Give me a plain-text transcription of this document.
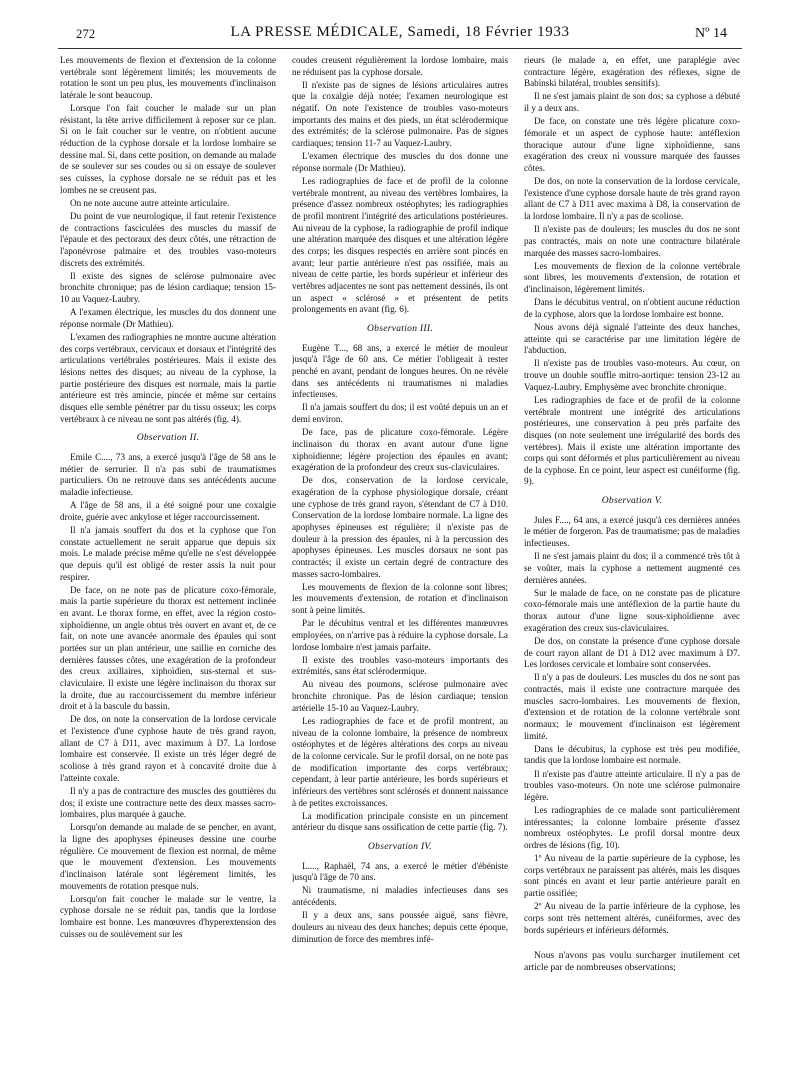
272	LA PRESSE MÉDICALE, Samedi, 18 Février 1933	Nº 14

Les mouvements de flexion et d'extension de la colonne vertébrale sont légèrement limités; les mouvements de rotation le sont un peu plus, les mouvements d'inclinaison latérale le sont beaucoup.

Lorsque l'on fait coucher le malade sur un plan résistant, la tête arrive difficilement à reposer sur ce plan. Si on le fait coucher sur le ventre, on n'obtient aucune réduction de la cyphose dorsale et la lordose lombaire se dessine mal. Si, dans cette position, on demande au malade de se soulever sur ses coudes ou si on essaye de soulever ses cuisses, la cyphose dorsale ne se réduit pas et les lombes ne se creusent pas.

On ne note aucune autre atteinte articulaire.

Du point de vue neurologique, il faut retenir l'existence de contractions fasciculées des muscles du massif de l'épaule et des pectoraux des deux côtés, une rétraction de l'aponévrose palmaire et des troubles vaso-moteurs discrets des extrémités.

Il existe des signes de sclérose pulmonaire avec bronchite chronique; pas de lésion cardiaque; tension 15-10 au Vaquez-Laubry.

A l'examen électrique, les muscles du dos donnent une réponse normale (Dr Mathieu).

L'examen des radiographies ne montre aucune altération des corps vertébraux, cervicaux et dorsaux et l'intégrité des articulations vertébrales postérieures. Mais il existe des lésions nettes des disques; au niveau de la cyphose, la partie postérieure des disques est normale, mais la partie antérieure est très amincie, pincée et même sur certains disques elle semble pénétrer par du tissu osseux; les corps vertébraux à ce niveau ne sont pas altérés (fig. 4).

Observation II.

Emile C...., 73 ans, a exercé jusqu'à l'âge de 58 ans le métier de serrurier. Il n'a pas subi de traumatismes particuliers. On ne retrouve dans ses antécédents aucune maladie infectieuse.

A l'âge de 58 ans, il a été soigné pour une coxalgie droite, guérie avec ankylose et léger raccourcissement.

Il n'a jamais souffert du dos et la cyphose que l'on constate actuellement ne serait apparue que depuis six mois. Le malade précise même qu'elle ne s'est développée que depuis qu'il est obligé de rester assis la nuit pour respirer.

De face, on ne note pas de plicature coxo-fémorale, mais la partie supérieure du thorax est nettement inclinée en avant. Le thorax forme, en effet, avec la région costo-xiphoïdienne, un angle obtus très ouvert en avant et, de ce fait, on note une avancée anormale des épaules qui sont portées sur un plan antérieur, une saillie en corniche des dernières fausses côtes, une exagération de la profondeur des creux axillaires, xiphoïdien, sus-sternal et sus-claviculaire. Il existe une légère inclinaison du thorax sur la droite, due au raccourcissement du membre inférieur droit et à la bascule du bassin.

De dos, on note la conservation de la lordose cervicale et l'existence d'une cyphose haute de très grand rayon, allant de C7 à D11, avec maximum à D7. La lordose lombaire est conservée. Il existe un très léger degré de scoliose à très grand rayon et à concavité droite due à l'atteinte coxale.

Il n'y a pas de contracture des muscles des gouttières du dos; il existe une contracture nette des deux masses sacro-lombaires, plus marquée à gauche.

Lorsqu'on demande au malade de se pencher, en avant, la ligne des apophyses épineuses dessine une courbe régulière. Ce mouvement de flexion est normal, de même que le mouvement d'extension. Les mouvements d'inclinaison latérale sont légèrement limités, les mouvements de rotation presque nuls.

Lorsqu'on fait coucher le malade sur le ventre, la cyphose dorsale ne se réduit pas, tandis que la lordose lombaire est bonne. Les manœuvres d'hyperextension des cuisses ou de soulèvement sur les

coudes creusent régulièrement la lordose lombaire, mais ne réduisent pas la cyphose dorsale.

Il n'existe pas de signes de lésions articulaires autres que la coxalgie déjà notée; l'examen neurologique est négatif. On note l'existence de troubles vaso-moteurs importants des mains et des pieds, un état sclérodermique des extrémités; de la sclérose pulmonaire. Pas de signes cardiaques; tension 11-7 au Vaquez-Laubry.

L'examen électrique des muscles du dos donne une réponse normale (Dr Mathieu).

Les radiographies de face et de profil de la colonne vertébrale montrent, au niveau des vertèbres lombaires, la présence d'assez nombreux ostéophytes; les radiographies de profil montrent l'intégrité des articulations postérieures. Au niveau de la cyphose, la radiographie de profil indique une altération marquée des disques et une altération légère des corps; les disques respectés en arrière sont pincés en avant; leur partie antérieure n'est pas ossifiée, mais au niveau de cette partie, les bords supérieur et inférieur des vertèbres adjacentes ne sont pas nettement dessinés, ils ont un aspect « sclérosé » et présentent de petits prolongements en avant (fig. 6).

Observation III.

Eugène T..., 68 ans, a exercé le métier de mouleur jusqu'à l'âge de 60 ans. Ce métier l'obligeait à rester penché en avant, pendant de longues heures. On ne révèle dans ses antécédents ni traumatismes ni maladies infectieuses.

Il n'a jamais souffert du dos; il est voûté depuis un an et demi environ.

De face, pas de plicature coxo-fémorale. Légère inclinaison du thorax en avant autour d'une ligne xiphoïdienne; légère projection des épaules en avant; exagération de la profondeur des creux sus-claviculaires.

De dos, conservation de la lordose cervicale, exagération de la cyphose physiologique dorsale, créant une cyphose de très grand rayon, s'étendant de C7 à D10. Conservation de la lordose lombaire normale. La ligne des apophyses épineuses est régulière; il n'existe pas de douleur à la pression des épaules, ni à la percussion des apophyses épineuses. Les muscles dorsaux ne sont pas contractés; il existe un certain degré de contracture des masses sacro-lombaires.

Les mouvements de flexion de la colonne sont libres; les mouvements d'extension, de rotation et d'inclinaison sont à peine limités.

Par le décubitus ventral et les différentes manœuvres employées, on n'arrive pas à réduire la cyphose dorsale. La lordose lombaire n'est jamais parfaite.

Il existe des troubles vaso-moteurs importants des extrémités, sans état sclérodermique.

Au niveau des poumons, sclérose pulmonaire avec bronchite chronique. Pas de lésion cardiaque; tension artérielle 15-10 au Vaquez-Laubry.

Les radiographies de face et de profil montrent, au niveau de la colonne lombaire, la présence de nombreux ostéophytes et de légères altérations des corps au niveau de la colonne cervicale. Sur le profil dorsal, on ne note pas de modification importante des corps vertébraux; cependant, à leur partie antérieure, les bords supérieurs et inférieurs des vertèbres sont sclérosés et donnent naissance à de petites excroissances.

La modification principale consiste en un pincement antérieur du disque sans ossification de cette partie (fig. 7).

Observation IV.

L...., Raphaël, 74 ans, a exercé le métier d'ébéniste jusqu'à l'âge de 70 ans.

Ni traumatisme, ni maladies infectieuses dans ses antécédents.

Il y a deux ans, sans poussée aiguë, sans fièvre, douleurs au niveau des deux hanches; depuis cette époque, diminution de force des membres infé-

rieurs (le malade a, en effet, une paraplégie avec contracture légère, exagération des réflexes, signe de Babinski bilatéral, troubles sensitifs).

Il ne s'est jamais plaint de son dos; sa cyphose a débuté il y a deux ans.

De face, on constate une très légère plicature coxo-fémorale et un aspect de cyphose haute: antéflexion thoracique autour d'une ligne xiphoïdienne, sans exagération des creux ni voussure marquée des fausses côtes.

De dos, on note la conservation de la lordose cervicale, l'existence d'une cyphose dorsale haute de très grand rayon allant de C7 à D11 avec maxima à D8, la conservation de la lordose lombaire. Il n'y a pas de scoliose.

Il n'existe pas de douleurs; les muscles du dos ne sont pas contractés, mais on note une contracture bilatérale marquée des masses sacro-lombaires.

Les mouvements de flexion de la colonne vertébrale sont libres, les mouvements d'extension, de rotation et d'inclinaison, légèrement limités.

Dans le décubitus ventral, on n'obtient aucune réduction de la cyphose, alors que la lordose lombaire est bonne.

Nous avons déjà signalé l'atteinte des deux hanches, atteinte qui se caractérise par une limitation légère de l'abduction.

Il n'existe pas de troubles vaso-moteurs. Au cœur, on trouve un double souffle mitro-aortique: tension 23-12 au Vaquez-Laubry. Emphysème avec bronchite chronique.

Les radiographies de face et de profil de la colonne vertébrale montrent une intégrité des articulations postérieures, une conservation à peu près parfaite des disques (on note seulement une irrégularité des bords des vertèbres). Mais il existe une altération importante des corps qui sont déformés et plus particulièrement au niveau de la cyphose. En ce point, leur aspect est cunéiforme (fig. 9).

Observation V.

Jules F...., 64 ans, a exercé jusqu'à ces dernières années le métier de forgeron. Pas de traumatisme; pas de maladies infectieuses.

Il ne s'est jamais plaint du dos; il a commencé très tôt à se voûter, mais la cyphose a nettement augmenté ces dernières années.

Sur le malade de face, on ne constate pas de plicature coxo-fémorale mais une antéflexion de la partie haute du thorax autour d'une ligne sous-xiphoïdienne avec exagération des creux sus-claviculaires.

De dos, on constate la présence d'une cyphose dorsale de court rayon allant de D1 à D12 avec maximum à D7. Les lordoses cervicale et lombaire sont conservées.

Il n'y a pas de douleurs. Les muscles du dos ne sont pas contractés, mais il existe une contracture marquée des muscles sacro-lombaires. Les mouvements de flexion, d'extension et de rotation de la colonne vertébrale sont normaux; le mouvement d'inclinaison est légèrement limité.

Dans le décubitus, la cyphose est très peu modifiée, tandis que la lordose lombaire est normale.

Il n'existe pas d'autre atteinte articulaire. Il n'y a pas de troubles vaso-moteurs. On note une sclérose pulmonaire légère.

Les radiographies de ce malade sont particulièrement intéressantes; la colonne lombaire présente d'assez nombreux ostéophytes. Le profil dorsal montre deux ordres de lésions (fig. 10).

1º Au niveau de la partie supérieure de la cyphose, les corps vertébraux ne paraissent pas altérés, mais les disques sont pincés en avant et leur partie antérieure paraît en partie ossifiée;

2º Au niveau de la partie inférieure de la cyphose, les corps sont très nettement altérés, cunéiformes, avec des bords supérieurs et inférieurs déformés.

Nous n'avons pas voulu surcharger inutilement cet article par de nombreuses observations;
